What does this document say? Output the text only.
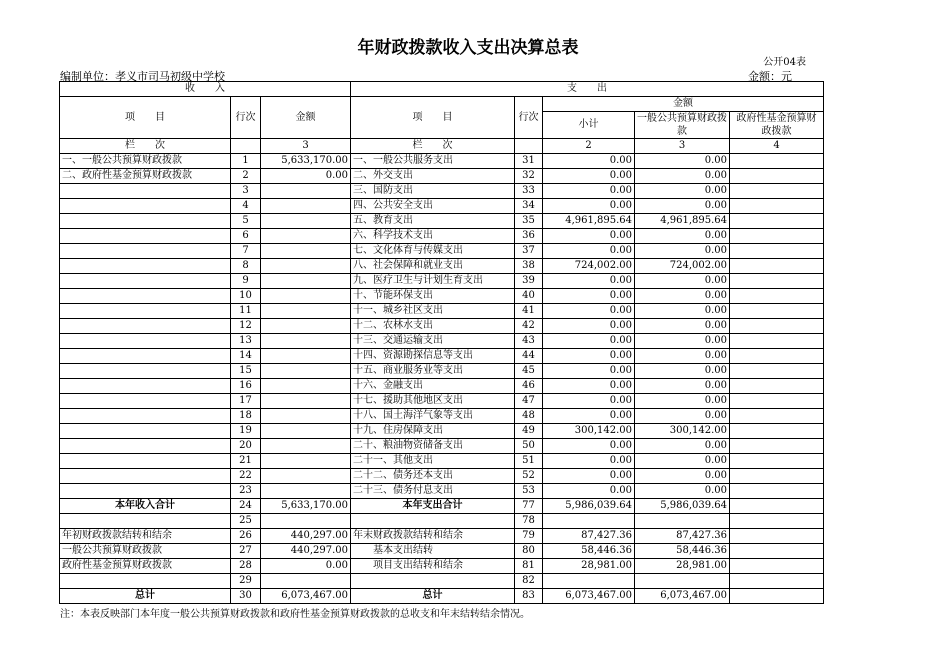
年财政拨款收入支出决算总表
公开04表
编制单位：孝义市司马初级中学校	金额：元
收　　入			支　　出				
项　　目	行次	金额	项　　目	行次	金额		
					小计	一般公共预算财政拨款	政府性基金预算财政拨款

栏　　次		3	栏　　次		2	3	4
一、一般公共预算财政拨款	1	5,633,170.00	一、一般公共服务支出	31	0.00	0.00	
二、政府性基金预算财政拨款	2	0.00	二、外交支出	32	0.00	0.00	
	3		三、国防支出	33	0.00	0.00	
	4		四、公共安全支出	34	0.00	0.00	
	5		五、教育支出	35	4,961,895.64	4,961,895.64	
	6		六、科学技术支出	36	0.00	0.00	
	7		七、文化体育与传媒支出	37	0.00	0.00	
	8		八、社会保障和就业支出	38	724,002.00	724,002.00	
	9		九、医疗卫生与计划生育支出	39	0.00	0.00	
	10		十、节能环保支出	40	0.00	0.00	
	11		十一、城乡社区支出	41	0.00	0.00	
	12		十二、农林水支出	42	0.00	0.00	
	13		十三、交通运输支出	43	0.00	0.00	
	14		十四、资源勘探信息等支出	44	0.00	0.00	
	15		十五、商业服务业等支出	45	0.00	0.00	
	16		十六、金融支出	46	0.00	0.00	
	17		十七、援助其他地区支出	47	0.00	0.00	
	18		十八、国土海洋气象等支出	48	0.00	0.00	
	19		十九、住房保障支出	49	300,142.00	300,142.00	
	20		二十、粮油物资储备支出	50	0.00	0.00	
	21		二十一、其他支出	51	0.00	0.00	
	22		二十二、债务还本支出	52	0.00	0.00	
	23		二十三、债务付息支出	53	0.00	0.00	
本年收入合计	24	5,633,170.00	本年支出合计	77	5,986,039.64	5,986,039.64	
	25			78			
年初财政拨款结转和结余	26	440,297.00	年末财政拨款结转和结余	79	87,427.36	87,427.36	
一般公共预算财政拨款	27	440,297.00	　　基本支出结转	80	58,446.36	58,446.36	
政府性基金预算财政拨款	28	0.00	　　项目支出结转和结余	81	28,981.00	28,981.00	
	29			82			
总计	30	6,073,467.00	总计	83	6,073,467.00	6,073,467.00	
注：本表反映部门本年度一般公共预算财政拨款和政府性基金预算财政拨款的总收支和年末结转结余情况。
